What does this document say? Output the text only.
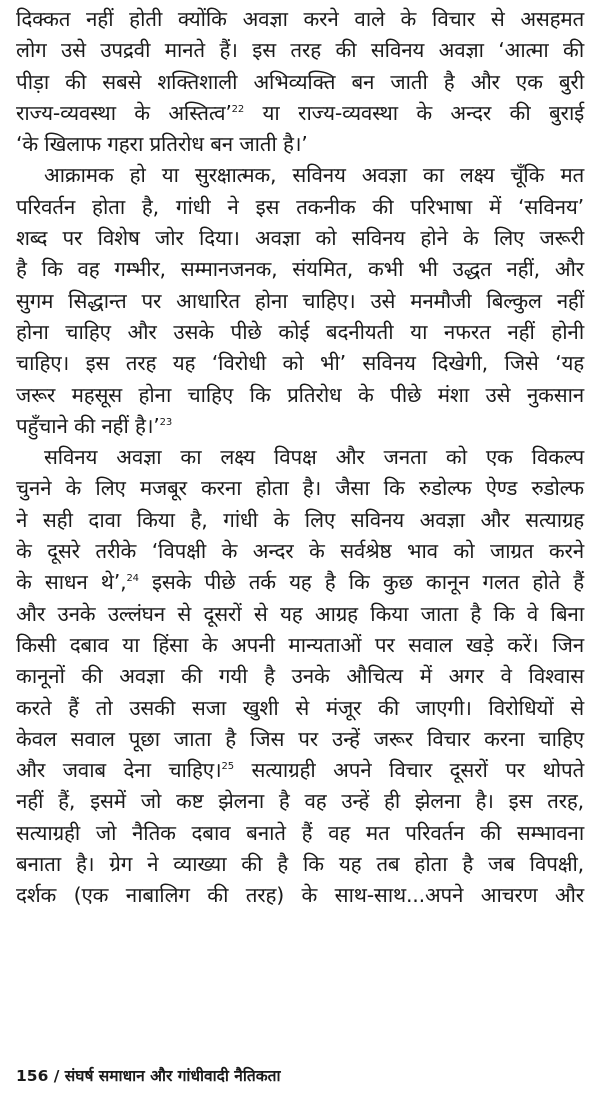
दिक्कत नहीं होती क्योंकि अवज्ञा करने वाले के विचार से असहमत
लोग उसे उपद्रवी मानते हैं। इस तरह की सविनय अवज्ञा ‘आत्मा की
पीड़ा की सबसे शक्तिशाली अभिव्यक्ति बन जाती है और एक बुरी
राज्य-व्यवस्था के अस्तित्व’$^{22}$ या राज्य-व्यवस्था के अन्दर की बुराई
‘के खिलाफ गहरा प्रतिरोध बन जाती है।’
आक्रामक हो या सुरक्षात्मक, सविनय अवज्ञा का लक्ष्य चूँकि मत
परिवर्तन होता है, गांधी ने इस तकनीक की परिभाषा में ‘सविनय’
शब्द पर विशेष जोर दिया। अवज्ञा को सविनय होने के लिए जरूरी
है कि वह गम्भीर, सम्मानजनक, संयमित, कभी भी उद्धत नहीं, और
सुगम सिद्धान्त पर आधारित होना चाहिए। उसे मनमौजी बिल्कुल नहीं
होना चाहिए और उसके पीछे कोई बदनीयती या नफरत नहीं होनी
चाहिए। इस तरह यह ‘विरोधी को भी’ सविनय दिखेगी, जिसे ‘यह
जरूर महसूस होना चाहिए कि प्रतिरोध के पीछे मंशा उसे नुकसान
पहुँचाने की नहीं है।’$^{23}$
सविनय अवज्ञा का लक्ष्य विपक्ष और जनता को एक विकल्प
चुनने के लिए मजबूर करना होता है। जैसा कि रुडोल्फ ऐण्ड रुडोल्फ
ने सही दावा किया है, गांधी के लिए सविनय अवज्ञा और सत्याग्रह
के दूसरे तरीके ‘विपक्षी के अन्दर के सर्वश्रेष्ठ भाव को जाग्रत करने
के साधन थे’,$^{24}$ इसके पीछे तर्क यह है कि कुछ कानून गलत होते हैं
और उनके उल्लंघन से दूसरों से यह आग्रह किया जाता है कि वे बिना
किसी दबाव या हिंसा के अपनी मान्यताओं पर सवाल खड़े करें। जिन
कानूनों की अवज्ञा की गयी है उनके औचित्य में अगर वे विश्वास
करते हैं तो उसकी सजा खुशी से मंजूर की जाएगी। विरोधियों से
केवल सवाल पूछा जाता है जिस पर उन्हें जरूर विचार करना चाहिए
और जवाब देना चाहिए।$^{25}$ सत्याग्रही अपने विचार दूसरों पर थोपते
नहीं हैं, इसमें जो कष्ट झेलना है वह उन्हें ही झेलना है। इस तरह,
सत्याग्रही जो नैतिक दबाव बनाते हैं वह मत परिवर्तन की सम्भावना
बनाता है। ग्रेग ने व्याख्या की है कि यह तब होता है जब विपक्षी,
दर्शक (एक नाबालिग की तरह) के साथ-साथ...अपने आचरण और
156 / संघर्ष समाधान और गांधीवादी नैतिकता
